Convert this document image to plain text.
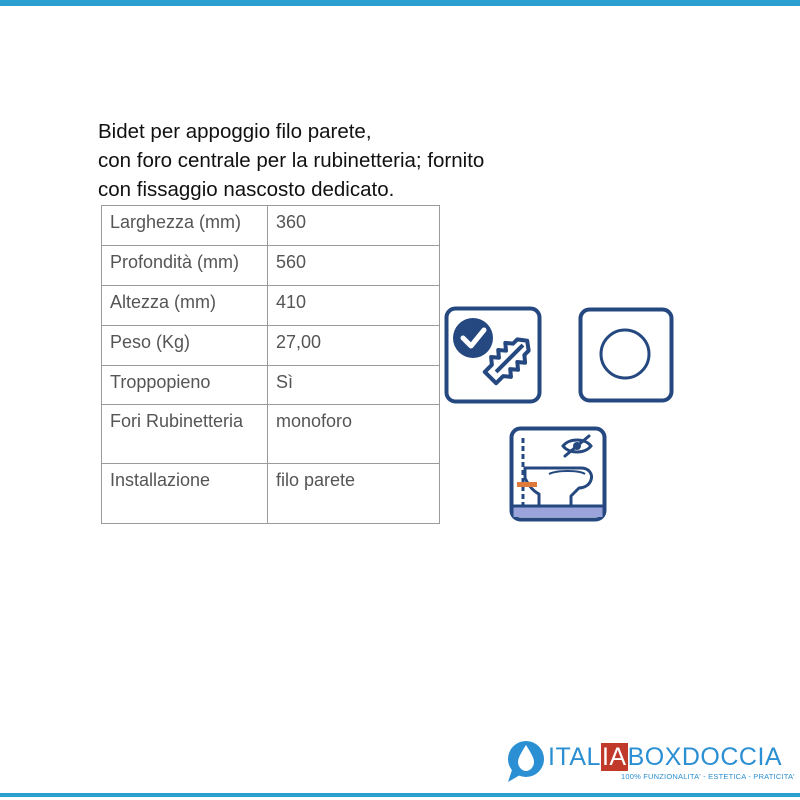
Bidet per appoggio filo parete,
con foro centrale per la rubinetteria; fornito
con fissaggio nascosto dedicato.
Larghezza (mm)	360
Profondità (mm)	560
Altezza (mm)	410
Peso (Kg)	27,00
Troppopieno	Sì
Fori Rubinetteria	monoforo
Installazione	filo parete
ITALIABOXDOCCIA
100% FUNZIONALITA' - ESTETICA - PRATICITA'
